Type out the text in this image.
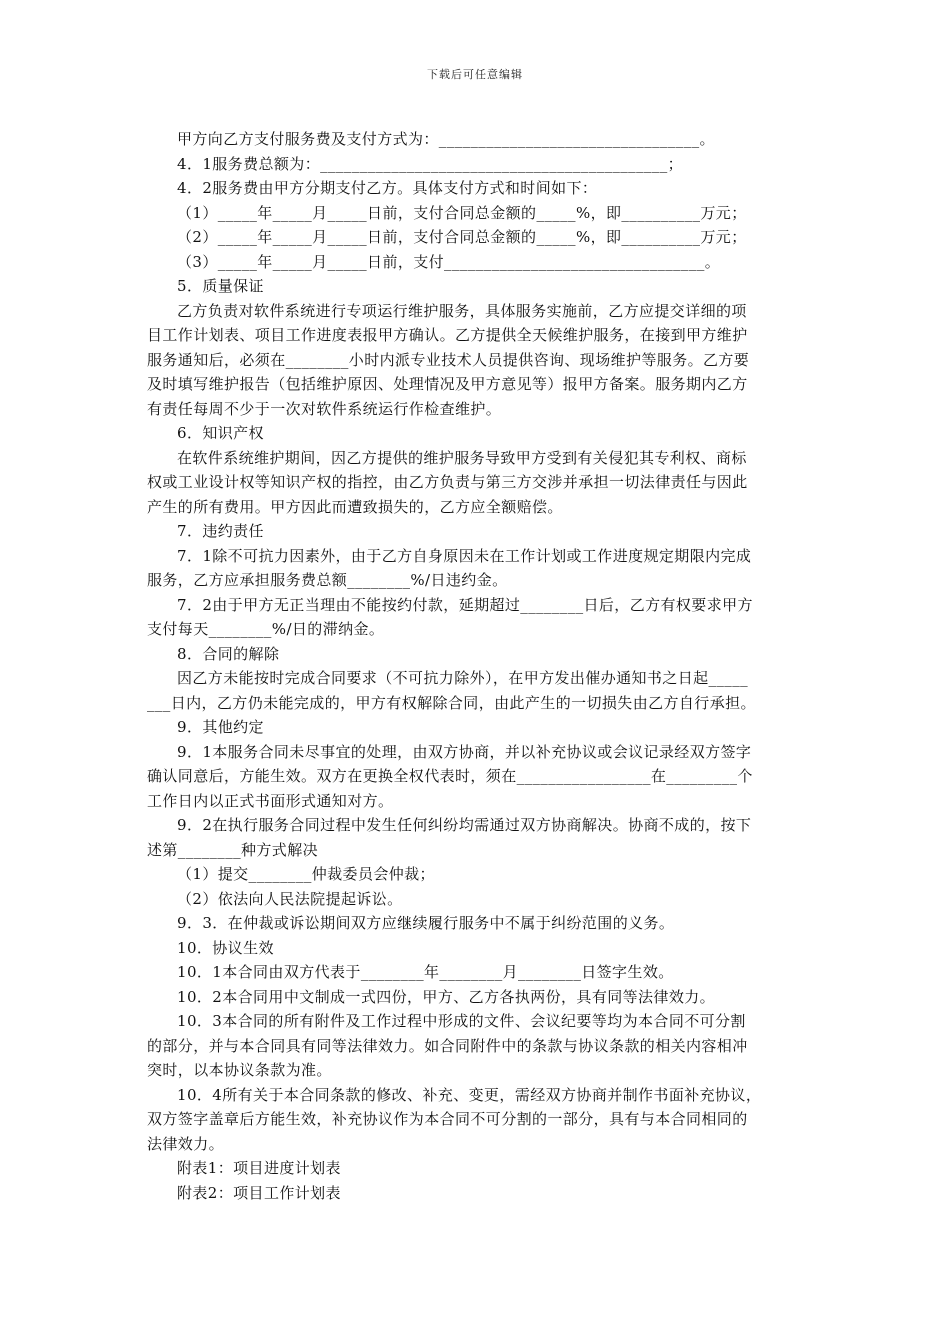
下载后可任意编辑

甲方向乙方支付服务费及支付方式为：_________________________________。

4．1服务费总额为：____________________________________________；

4．2服务费由甲方分期支付乙方。具体支付方式和时间如下：

（1）_____年_____月_____日前，支付合同总金额的_____%，即__________万元；

（2）_____年_____月_____日前，支付合同总金额的_____%，即__________万元；

（3）_____年_____月_____日前，支付_________________________________。

5．质量保证

乙方负责对软件系统进行专项运行维护服务，具体服务实施前，乙方应提交详细的项

目工作计划表、项目工作进度表报甲方确认。乙方提供全天候维护服务，在接到甲方维护

服务通知后，必须在________小时内派专业技术人员提供咨询、现场维护等服务。乙方要

及时填写维护报告（包括维护原因、处理情况及甲方意见等）报甲方备案。服务期内乙方

有责任每周不少于一次对软件系统运行作检查维护。

6．知识产权

在软件系统维护期间，因乙方提供的维护服务导致甲方受到有关侵犯其专利权、商标

权或工业设计权等知识产权的指控，由乙方负责与第三方交涉并承担一切法律责任与因此

产生的所有费用。甲方因此而遭致损失的，乙方应全额赔偿。

7．违约责任

7．1除不可抗力因素外，由于乙方自身原因未在工作计划或工作进度规定期限内完成

服务，乙方应承担服务费总额________%/日违约金。

7．2由于甲方无正当理由不能按约付款，延期超过________日后，乙方有权要求甲方

支付每天________%/日的滞纳金。

8．合同的解除

因乙方未能按时完成合同要求（不可抗力除外），在甲方发出催办通知书之日起_____

___日内，乙方仍未能完成的，甲方有权解除合同，由此产生的一切损失由乙方自行承担。

9．其他约定

9．1本服务合同未尽事宜的处理，由双方协商，并以补充协议或会议记录经双方签字

确认同意后，方能生效。双方在更换全权代表时，须在_________________在_________个

工作日内以正式书面形式通知对方。

9．2在执行服务合同过程中发生任何纠纷均需通过双方协商解决。协商不成的，按下

述第________种方式解决

（1）提交________仲裁委员会仲裁；

（2）依法向人民法院提起诉讼。

9．3．在仲裁或诉讼期间双方应继续履行服务中不属于纠纷范围的义务。

10．协议生效

10．1本合同由双方代表于________年________月________日签字生效。

10．2本合同用中文制成一式四份，甲方、乙方各执两份，具有同等法律效力。

10．3本合同的所有附件及工作过程中形成的文件、会议纪要等均为本合同不可分割

的部分，并与本合同具有同等法律效力。如合同附件中的条款与协议条款的相关内容相冲

突时，以本协议条款为准。

10．4所有关于本合同条款的修改、补充、变更，需经双方协商并制作书面补充协议，

双方签字盖章后方能生效，补充协议作为本合同不可分割的一部分，具有与本合同相同的

法律效力。

附表1：项目进度计划表

附表2：项目工作计划表
